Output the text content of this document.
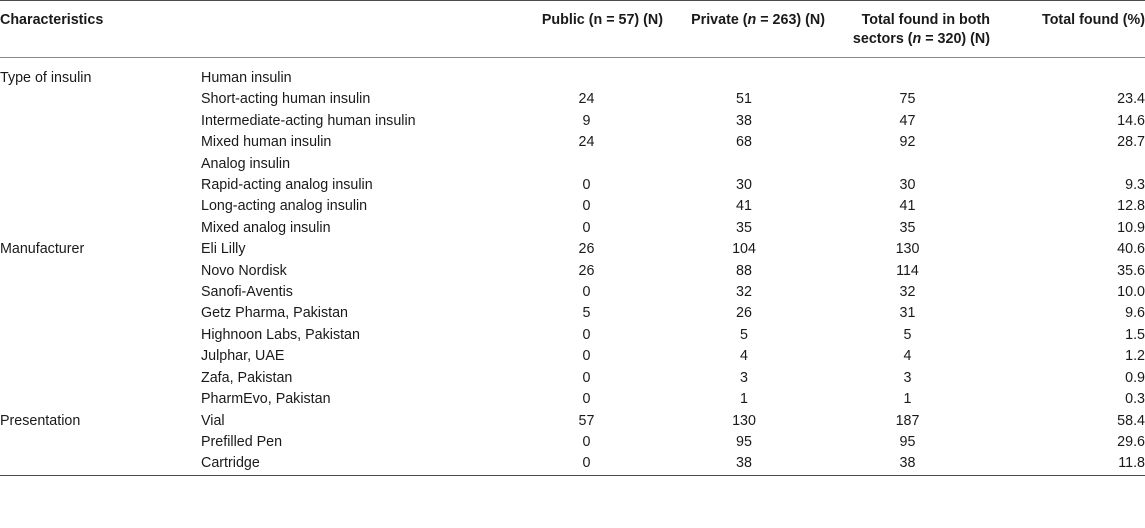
Characteristics		Public (n = 57) (N)	Private (n = 263) (N)	Total found in both sectors (n = 320) (N)	Total found (%)
Type of insulin	Human insulin				
	Short-acting human insulin	24	51	75	23.4
	Intermediate-acting human insulin	9	38	47	14.6
	Mixed human insulin	24	68	92	28.7
	Analog insulin				
	Rapid-acting analog insulin	0	30	30	9.3
	Long-acting analog insulin	0	41	41	12.8
	Mixed analog insulin	0	35	35	10.9
Manufacturer	Eli Lilly	26	104	130	40.6
	Novo Nordisk	26	88	114	35.6
	Sanofi-Aventis	0	32	32	10.0
	Getz Pharma, Pakistan	5	26	31	9.6
	Highnoon Labs, Pakistan	0	5	5	1.5
	Julphar, UAE	0	4	4	1.2
	Zafa, Pakistan	0	3	3	0.9
	PharmEvo, Pakistan	0	1	1	0.3
Presentation	Vial	57	130	187	58.4
	Prefilled Pen	0	95	95	29.6
	Cartridge	0	38	38	11.8
